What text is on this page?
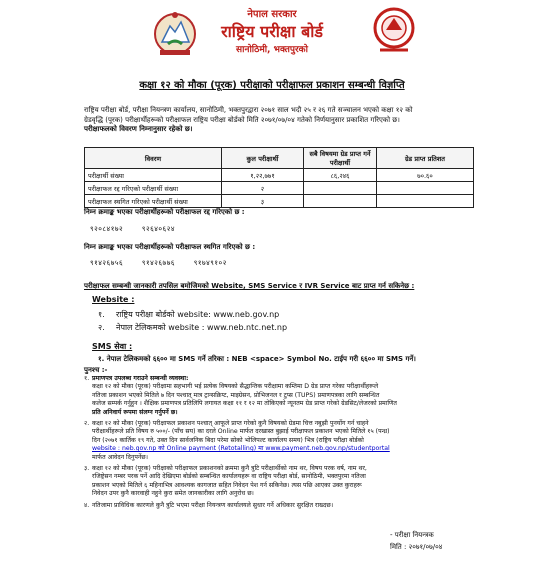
नेपाल सरकार
राष्ट्रिय परीक्षा बोर्ड
सानोठिमी, भक्तपुरको
कक्षा १२ को मौका (पूरक) परीक्षाको परीक्षाफल प्रकाशन सम्बन्धी विज्ञप्ति
राष्ट्रिय परीक्षा बोर्ड, परीक्षा नियन्त्रण कार्यालय, सानोठिमी, भक्तपुरद्वारा २०७१ साल भदौ २५ र २६ गते सञ्चालन भएको कक्षा १२ को
ग्रेडवृद्धि (पूरक) परीक्षार्थीहरूको परीक्षाफल राष्ट्रिय परीक्षा बोर्डको मिति २०७१/०७/०४ गतेको निर्णयानुसार प्रकाशित गरिएको छ।
परीक्षाफलको विवरण निम्नानुसार रहेको छ।
विवरण	कुल परीक्षार्थी	सबै विषयमा ग्रेड प्राप्त गर्ने परीक्षार्थी	ग्रेड प्राप्त प्रतिशत
परीक्षार्थी संख्या	१,२२,७७१	८६,२४६	७०.६०
परीक्षाफल रद्द गरिएको परीक्षार्थी संख्या	२		
परीक्षाफल स्थगित गरिएको परीक्षार्थी संख्या	३		
निम्न क्रमाङ्क भएका परीक्षार्थीहरूको परीक्षाफल रद्द गरिएको छ :
९२०८४१७२	९२६४०६२४
निम्न क्रमाङ्क भएका परीक्षार्थीहरूको परीक्षाफल स्थगित गरिएको छ :
९१४२६७५६	९१४२६७७६	९१७४९१०२
परीक्षाफल सम्बन्धी जानकारी तपसिल बमोजिमको Website, SMS Service र IVR Service बाट प्राप्त गर्न सकिनेछ :
Website :
१. राष्ट्रिय परीक्षा बोर्डको website: www.neb.gov.np
२. नेपाल टेलिकमको website : www.neb.ntc.net.np
SMS सेवा :
१. नेपाल टेलिकमको ६६०० मा SMS गर्ने तरिका : NEB <space> Symbol No. टाईप गरी ६६०० मा SMS गर्ने।
पुनश्च :-
१. प्रमाणपत्र उपलब्ध गराउने सम्बन्धी व्यवस्था:
कक्षा १२ को मौका (पूरक) परीक्षामा सहभागी भई प्रत्येक विषयको सैद्धान्तिक परीक्षामा कम्तिमा D ग्रेड प्राप्त गरेका परीक्षार्थीहरूले
नतिजा प्रकाशन भएको मितिले ७ दिन पश्चात् मात्र ट्रान्सक्रिप्ट, माइग्रेसन, प्रोभिजनल र टुप्स (TUPS) प्रमाणपत्रका लागि सम्बन्धित
कलेज सम्पर्क गर्नुहुन । शैक्षिक प्रमाणपत्र प्रतिलिपि लगायत कक्षा ११ र १२ मा तोकिएको न्यूनतम ग्रेड प्राप्त गरेको ग्रेडसिट/लेजरको प्रमाणित
प्रति अनिवार्य रूपमा संलग्न गर्नुपर्ने छ।
२. कक्षा १२ को मौका (पूरक) परीक्षाफल प्रकाशन पश्चात् आफूले प्राप्त गरेको कुनै विषयको ग्रेडमा चित्त नबुझी पुनर्योग गर्न चाहने
परीक्षार्थीहरूले प्रति विषय रु ५००/- (पाँच सय) का दरले Online मार्फत दरखास्त बुझाई परीक्षाफल प्रकाशन भएको मितिले १५ (पन्ध्र)
दिन (२०७१ कार्तिक १९ गते, उक्त दिन सार्वजनिक बिदा परेमा सोको भोलिपल्ट कार्यालय समय) भित्र (राष्ट्रिय परीक्षा बोर्डको
website : neb.gov.np को Online payment (Retotalling) मा www.payment.neb.gov.np/studentportal
मार्फत आवेदन दिनुपर्नेछ।
३. कक्षा १२ को मौका (पूरक) परीक्षाको परीक्षाफल प्रकाशनको क्रममा कुनै त्रुटि परीक्षार्थीको नाम थर, विषय परक वर्ष, नाम थर,
रजिष्ट्रेसन नम्बर परक पर्ने आदि देखिएमा बोर्डको सम्बन्धित कार्यालयहरू वा राष्ट्रिय परीक्षा बोर्ड, सानोठिमी, भक्तपुरमा नतिजा
प्रकाशन भएको मितिले ६ महिनाभित्र आवश्यक कागजात सहित निवेदन पेश गर्न सकिनेछ। त्यस पछि आएका उक्त कुराहरू
निवेदन उपर कुनै कारवाही नहुने कुरा समेत जानकारीका लागि अनुरोध छ।
४. नतिजामा प्राविधिक कारणले कुनै त्रुटि भएमा परीक्षा नियन्त्रण कार्यालयले सुधार गर्ने अधिकार सुरक्षित राख्दछ।
- परीक्षा नियन्त्रक
मिति : २०७१/०७/०४
